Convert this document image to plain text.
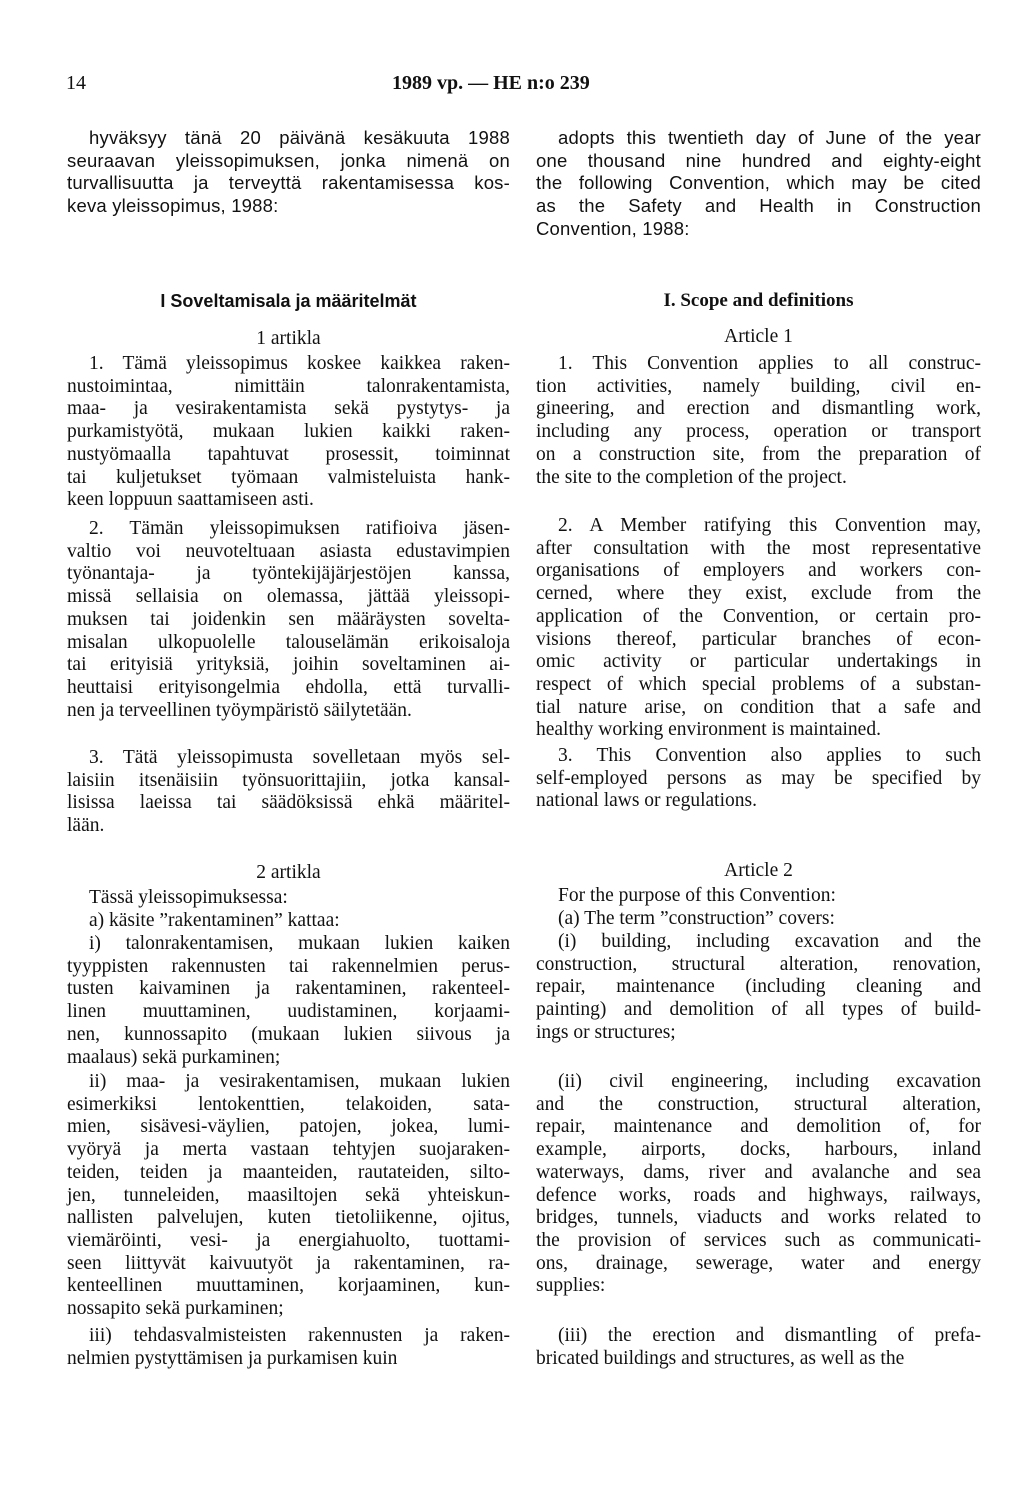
14	1989 vp. — HE n:o 239
hyväksyy tänä 20 päivänä kesäkuuta 1988
seuraavan yleissopimuksen, jonka nimenä on
turvallisuutta ja terveyttä rakentamisessa kos-
keva yleissopimus, 1988:
I Soveltamisala ja määritelmät
1 artikla
1. Tämä yleissopimus koskee kaikkea raken-
nustoimintaa, nimittäin talonrakentamista,
maa- ja vesirakentamista sekä pystytys- ja
purkamistyötä, mukaan lukien kaikki raken-
nustyömaalla tapahtuvat prosessit, toiminnat
tai kuljetukset työmaan valmisteluista hank-
keen loppuun saattamiseen asti.
2. Tämän yleissopimuksen ratifioiva jäsen-
valtio voi neuvoteltuaan asiasta edustavimpien
työnantaja- ja työntekijäjärjestöjen kanssa,
missä sellaisia on olemassa, jättää yleissopi-
muksen tai joidenkin sen määräysten sovelta-
misalan ulkopuolelle talouselämän erikoisaloja
tai erityisiä yrityksiä, joihin soveltaminen ai-
heuttaisi erityisongelmia ehdolla, että turvalli-
nen ja terveellinen työympäristö säilytetään.
3. Tätä yleissopimusta sovelletaan myös sel-
laisiin itsenäisiin työnsuorittajiin, jotka kansal-
lisissa laeissa tai säädöksissä ehkä määritel-
lään.
2 artikla
Tässä yleissopimuksessa:
a) käsite ”rakentaminen” kattaa:
i) talonrakentamisen, mukaan lukien kaiken
tyyppisten rakennusten tai rakennelmien perus-
tusten kaivaminen ja rakentaminen, rakenteel-
linen muuttaminen, uudistaminen, korjaami-
nen, kunnossapito (mukaan lukien siivous ja
maalaus) sekä purkaminen;
ii) maa- ja vesirakentamisen, mukaan lukien
esimerkiksi lentokenttien, telakoiden, sata-
mien, sisävesi-väylien, patojen, jokea, lumi-
vyöryä ja merta vastaan tehtyjen suojaraken-
teiden, teiden ja maanteiden, rautateiden, silto-
jen, tunneleiden, maasiltojen sekä yhteiskun-
nallisten palvelujen, kuten tietoliikenne, ojitus,
viemäröinti, vesi- ja energiahuolto, tuottami-
seen liittyvät kaivuutyöt ja rakentaminen, ra-
kenteellinen muuttaminen, korjaaminen, kun-
nossapito sekä purkaminen;
iii) tehdasvalmisteisten rakennusten ja raken-
nelmien pystyttämisen ja purkamisen kuin
adopts this twentieth day of June of the year
one thousand nine hundred and eighty-eight
the following Convention, which may be cited
as the Safety and Health in Construction
Convention, 1988:
I. Scope and definitions
Article 1
1. This Convention applies to all construc-
tion activities, namely building, civil en-
gineering, and erection and dismantling work,
including any process, operation or transport
on a construction site, from the preparation of
the site to the completion of the project.
2. A Member ratifying this Convention may,
after consultation with the most representative
organisations of employers and workers con-
cerned, where they exist, exclude from the
application of the Convention, or certain pro-
visions thereof, particular branches of econ-
omic activity or particular undertakings in
respect of which special problems of a substan-
tial nature arise, on condition that a safe and
healthy working environment is maintained.
3. This Convention also applies to such
self-employed persons as may be specified by
national laws or regulations.
Article 2
For the purpose of this Convention:
(a) The term ”construction” covers:
(i) building, including excavation and the
construction, structural alteration, renovation,
repair, maintenance (including cleaning and
painting) and demolition of all types of build-
ings or structures;
(ii) civil engineering, including excavation
and the construction, structural alteration,
repair, maintenance and demolition of, for
example, airports, docks, harbours, inland
waterways, dams, river and avalanche and sea
defence works, roads and highways, railways,
bridges, tunnels, viaducts and works related to
the provision of services such as communicati-
ons, drainage, sewerage, water and energy
supplies:
(iii) the erection and dismantling of prefa-
bricated buildings and structures, as well as the
